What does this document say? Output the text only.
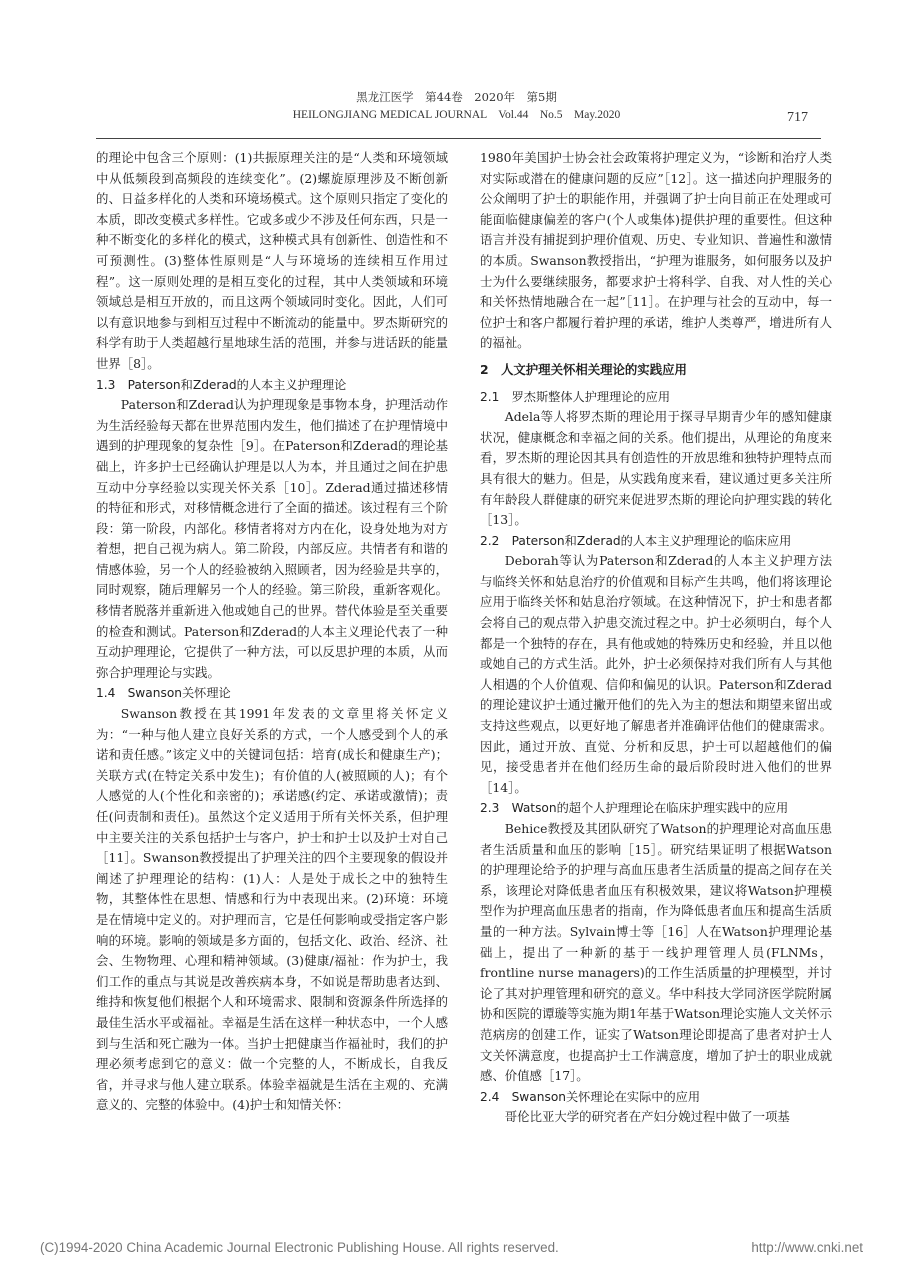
黑龙江医学　第44卷　2020年　第5期
HEILONGJIANG MEDICAL JOURNAL　Vol.44　No.5　May.2020	717

的理论中包含三个原则：(1)共振原理关注的是“人类和环境领域中从低频段到高频段的连续变化”。(2)螺旋原理涉及不断创新的、日益多样化的人类和环境场模式。这个原则只指定了变化的本质，即改变模式多样性。它或多或少不涉及任何东西，只是一种不断变化的多样化的模式，这种模式具有创新性、创造性和不可预测性。(3)整体性原则是“人与环境场的连续相互作用过程”。这一原则处理的是相互变化的过程，其中人类领域和环境领域总是相互开放的，而且这两个领域同时变化。因此，人们可以有意识地参与到相互过程中不断流动的能量中。罗杰斯研究的科学有助于人类超越行星地球生活的范围，并参与进话跃的能量世界［8］。

1.3　Paterson和Zderad的人本主义护理理论

Paterson和Zderad认为护理现象是事物本身，护理活动作为生活经验每天都在世界范围内发生，他们描述了在护理情境中遇到的护理现象的复杂性［9］。在Paterson和Zderad的理论基础上，许多护士已经确认护理是以人为本，并且通过之间在护患互动中分享经验以实现关怀关系［10］。Zderad通过描述移情的特征和形式，对移情概念进行了全面的描述。该过程有三个阶段：第一阶段，内部化。移情者将对方内在化，设身处地为对方着想，把自己视为病人。第二阶段，内部反应。共情者有和谐的情感体验，另一个人的经验被纳入照顾者，因为经验是共享的，同时观察，随后理解另一个人的经验。第三阶段，重新客观化。移情者脱落并重新进入他或她自己的世界。替代体验是至关重要的检查和测试。Paterson和Zderad的人本主义理论代表了一种互动护理理论，它提供了一种方法，可以反思护理的本质，从而弥合护理理论与实践。

1.4　Swanson关怀理论

Swanson教授在其1991年发表的文章里将关怀定义为：“一种与他人建立良好关系的方式，一个人感受到个人的承诺和责任感。”该定义中的关键词包括：培育(成长和健康生产)；关联方式(在特定关系中发生)；有价值的人(被照顾的人)；有个人感觉的人(个性化和亲密的)；承诺感(约定、承诺或激情)；责任(问责制和责任)。虽然这个定义适用于所有关怀关系，但护理中主要关注的关系包括护士与客户，护士和护士以及护士对自己［11］。Swanson教授提出了护理关注的四个主要现象的假设并阐述了护理理论的结构：(1)人：人是处于成长之中的独特生物，其整体性在思想、情感和行为中表现出来。(2)环境：环境是在情境中定义的。对护理而言，它是任何影响或受指定客户影响的环境。影响的领域是多方面的，包括文化、政治、经济、社会、生物物理、心理和精神领域。(3)健康/福祉：作为护士，我们工作的重点与其说是改善疾病本身，不如说是帮助患者达到、维持和恢复他们根据个人和环境需求、限制和资源条件所选择的最佳生活水平或福祉。幸福是生活在这样一种状态中，一个人感到与生活和死亡融为一体。当护士把健康当作福祉时，我们的护理必须考虑到它的意义：做一个完整的人，不断成长，自我反省，并寻求与他人建立联系。体验幸福就是生活在主观的、充满意义的、完整的体验中。(4)护士和知情关怀：

1980年美国护士协会社会政策将护理定义为，“诊断和治疗人类对实际或潜在的健康问题的反应”［12］。这一描述向护理服务的公众阐明了护士的职能作用，并强调了护士向目前正在处理或可能面临健康偏差的客户(个人或集体)提供护理的重要性。但这种语言并没有捕捉到护理价值观、历史、专业知识、普遍性和激情的本质。Swanson教授指出，“护理为谁服务，如何服务以及护士为什么要继续服务，都要求护士将科学、自我、对人性的关心和关怀热情地融合在一起”［11］。在护理与社会的互动中，每一位护士和客户都履行着护理的承诺，维护人类尊严，增进所有人的福祉。

2　人文护理关怀相关理论的实践应用
2.1　罗杰斯整体人护理理论的应用

Adela等人将罗杰斯的理论用于探寻早期青少年的感知健康状况，健康概念和幸福之间的关系。他们提出，从理论的角度来看，罗杰斯的理论因其具有创造性的开放思维和独特护理特点而具有很大的魅力。但是，从实践角度来看，建议通过更多关注所有年龄段人群健康的研究来促进罗杰斯的理论向护理实践的转化［13］。

2.2　Paterson和Zderad的人本主义护理理论的临床应用

Deborah等认为Paterson和Zderad的人本主义护理方法与临终关怀和姑息治疗的价值观和目标产生共鸣，他们将该理论应用于临终关怀和姑息治疗领域。在这种情况下，护士和患者都会将自己的观点带入护患交流过程之中。护士必须明白，每个人都是一个独特的存在，具有他或她的特殊历史和经验，并且以他或她自己的方式生活。此外，护士必须保持对我们所有人与其他人相遇的个人价值观、信仰和偏见的认识。Paterson和Zderad的理论建议护士通过撇开他们的先入为主的想法和期望来留出或支持这些观点，以更好地了解患者并准确评估他们的健康需求。因此，通过开放、直觉、分析和反思，护士可以超越他们的偏见，接受患者并在他们经历生命的最后阶段时进入他们的世界［14］。

2.3　Watson的超个人护理理论在临床护理实践中的应用

Behice教授及其团队研究了Watson的护理理论对高血压患者生活质量和血压的影响［15］。研究结果证明了根据Watson的护理理论给予的护理与高血压患者生活质量的提高之间存在关系，该理论对降低患者血压有积极效果，建议将Watson护理模型作为护理高血压患者的指南，作为降低患者血压和提高生活质量的一种方法。Sylvain博士等［16］人在Watson护理理论基础上，提出了一种新的基于一线护理管理人员(FLNMs，frontline nurse managers)的工作生活质量的护理模型，并讨论了其对护理管理和研究的意义。华中科技大学同济医学院附属协和医院的谭璇等实施为期1年基于Watson理论实施人文关怀示范病房的创建工作，证实了Watson理论即提高了患者对护士人文关怀满意度，也提高护士工作满意度，增加了护士的职业成就感、价值感［17］。

2.4　Swanson关怀理论在实际中的应用

哥伦比亚大学的研究者在产妇分娩过程中做了一项基

(C)1994-2020 China Academic Journal Electronic Publishing House. All rights reserved.	http://www.cnki.net
